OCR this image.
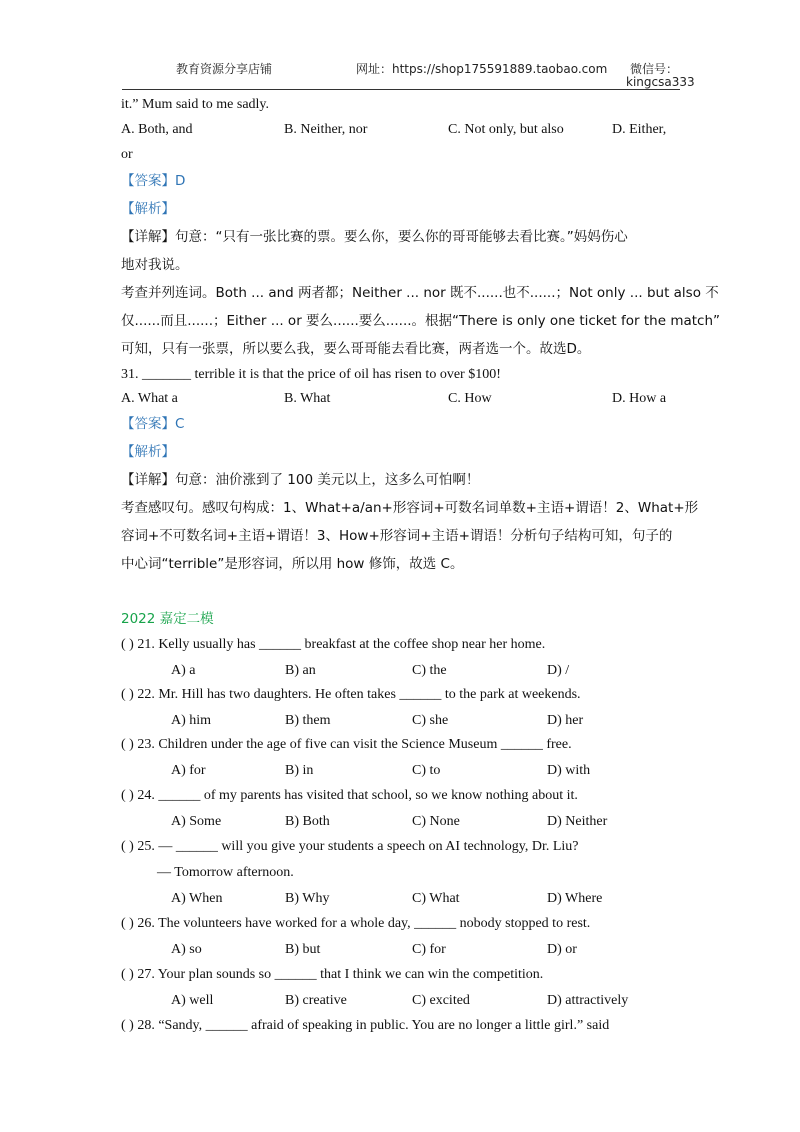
教育资源分享店铺	网址：https://shop175591889.taobao.com 微信号：
kingcsa333
it.” Mum said to me sadly.
A. Both, and	B. Neither, nor	C. Not only, but also	D. Either,
or
【答案】D
【解析】
【详解】句意：“只有一张比赛的票。要么你，要么你的哥哥能够去看比赛。”妈妈伤心
地对我说。
考查并列连词。Both ... and 两者都；Neither ... nor 既不......也不......；Not only ... but also 不
仅......而且......；Either ... or 要么......要么......。根据“There is only one ticket for the match”
可知，只有一张票，所以要么我，要么哥哥能去看比赛，两者选一个。故选D。
31. _______ terrible it is that the price of oil has risen to over $100!
A. What a	B. What	C. How	D. How a
【答案】C
【解析】
【详解】句意：油价涨到了 100 美元以上，这多么可怕啊！
考查感叹句。感叹句构成：1、What+a/an+形容词+可数名词单数+主语+谓语！2、What+形
容词+不可数名词+主语+谓语！3、How+形容词+主语+谓语！分析句子结构可知，句子的
中心词“terrible”是形容词，所以用 how 修饰，故选 C。
2022 嘉定二模
( ) 21. Kelly usually has ______ breakfast at the coffee shop near her home.
A) a	B) an	C) the	D) /
( ) 22. Mr. Hill has two daughters. He often takes ______ to the park at weekends.
A) him	B) them	C) she	D) her
( ) 23. Children under the age of five can visit the Science Museum ______ free.
A) for	B) in	C) to	D) with
( ) 24. ______ of my parents has visited that school, so we know nothing about it.
A) Some	B) Both	C) None	D) Neither
( ) 25. — ______ will you give your students a speech on AI technology, Dr. Liu?
— Tomorrow afternoon.
A) When	B) Why	C) What	D) Where
( ) 26. The volunteers have worked for a whole day, ______ nobody stopped to rest.
A) so	B) but	C) for	D) or
( ) 27. Your plan sounds so ______ that I think we can win the competition.
A) well	B) creative	C) excited	D) attractively
( ) 28. “Sandy, ______ afraid of speaking in public. You are no longer a little girl.” said
